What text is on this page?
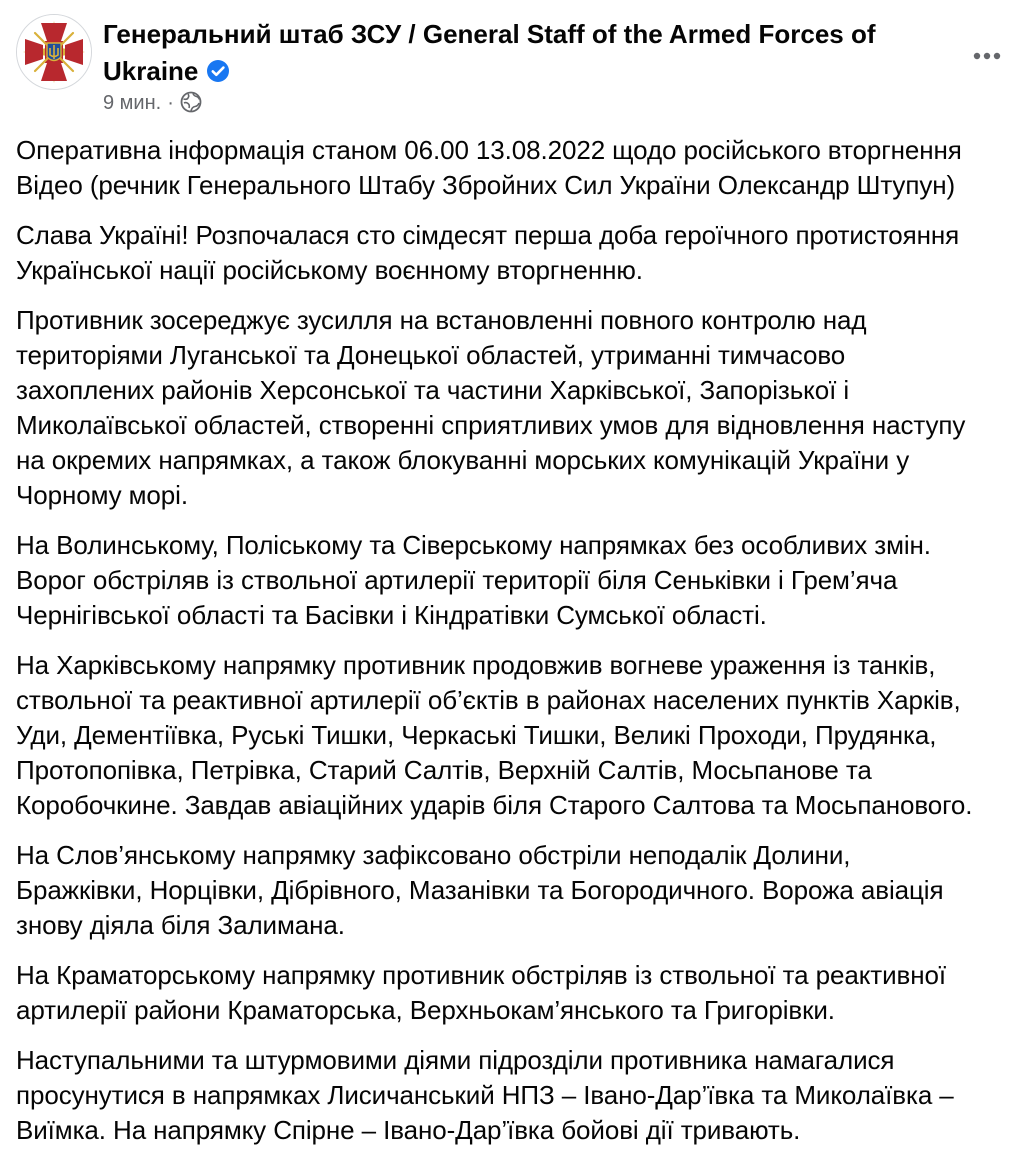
Генеральний штаб ЗСУ / General Staff of the Armed Forces of Ukraine
9 мин. ·

Оперативна інформація станом 06.00 13.08.2022 щодо російського вторгнення
Відео (речник Генерального Штабу Збройних Сил України Олександр Штупун)

Слава Україні! Розпочалася сто сімдесят перша доба героїчного протистояння
Української нації російському воєнному вторгненню.

Противник зосереджує зусилля на встановленні повного контролю над
територіями Луганської та Донецької областей, утриманні тимчасово
захоплених районів Херсонської та частини Харківської, Запорізької і
Миколаївської областей, створенні сприятливих умов для відновлення наступу
на окремих напрямках, а також блокуванні морських комунікацій України у
Чорному морі.

На Волинському, Поліському та Сіверському напрямках без особливих змін.
Ворог обстріляв із ствольної артилерії території біля Сеньківки і Грем’яча
Чернігівської області та Басівки і Кіндратівки Сумської області.

На Харківському напрямку противник продовжив вогневе ураження із танків,
ствольної та реактивної артилерії об’єктів в районах населених пунктів Харків,
Уди, Дементіївка, Руські Тишки, Черкаські Тишки, Великі Проходи, Прудянка,
Протопопівка, Петрівка, Старий Салтів, Верхній Салтів, Мосьпанове та
Коробочкине. Завдав авіаційних ударів біля Старого Салтова та Мосьпанового.

На Слов’янському напрямку зафіксовано обстріли неподалік Долини,
Бражківки, Норцівки, Дібрівного, Мазанівки та Богородичного. Ворожа авіація
знову діяла біля Залимана.

На Краматорському напрямку противник обстріляв із ствольної та реактивної
артилерії райони Краматорська, Верхньокам’янського та Григорівки.

Наступальними та штурмовими діями підрозділи противника намагалися
просунутися в напрямках Лисичанський НПЗ – Івано-Дар’ївка та Миколаївка –
Виїмка. На напрямку Спірне – Івано-Дар’ївка бойові дії тривають.
